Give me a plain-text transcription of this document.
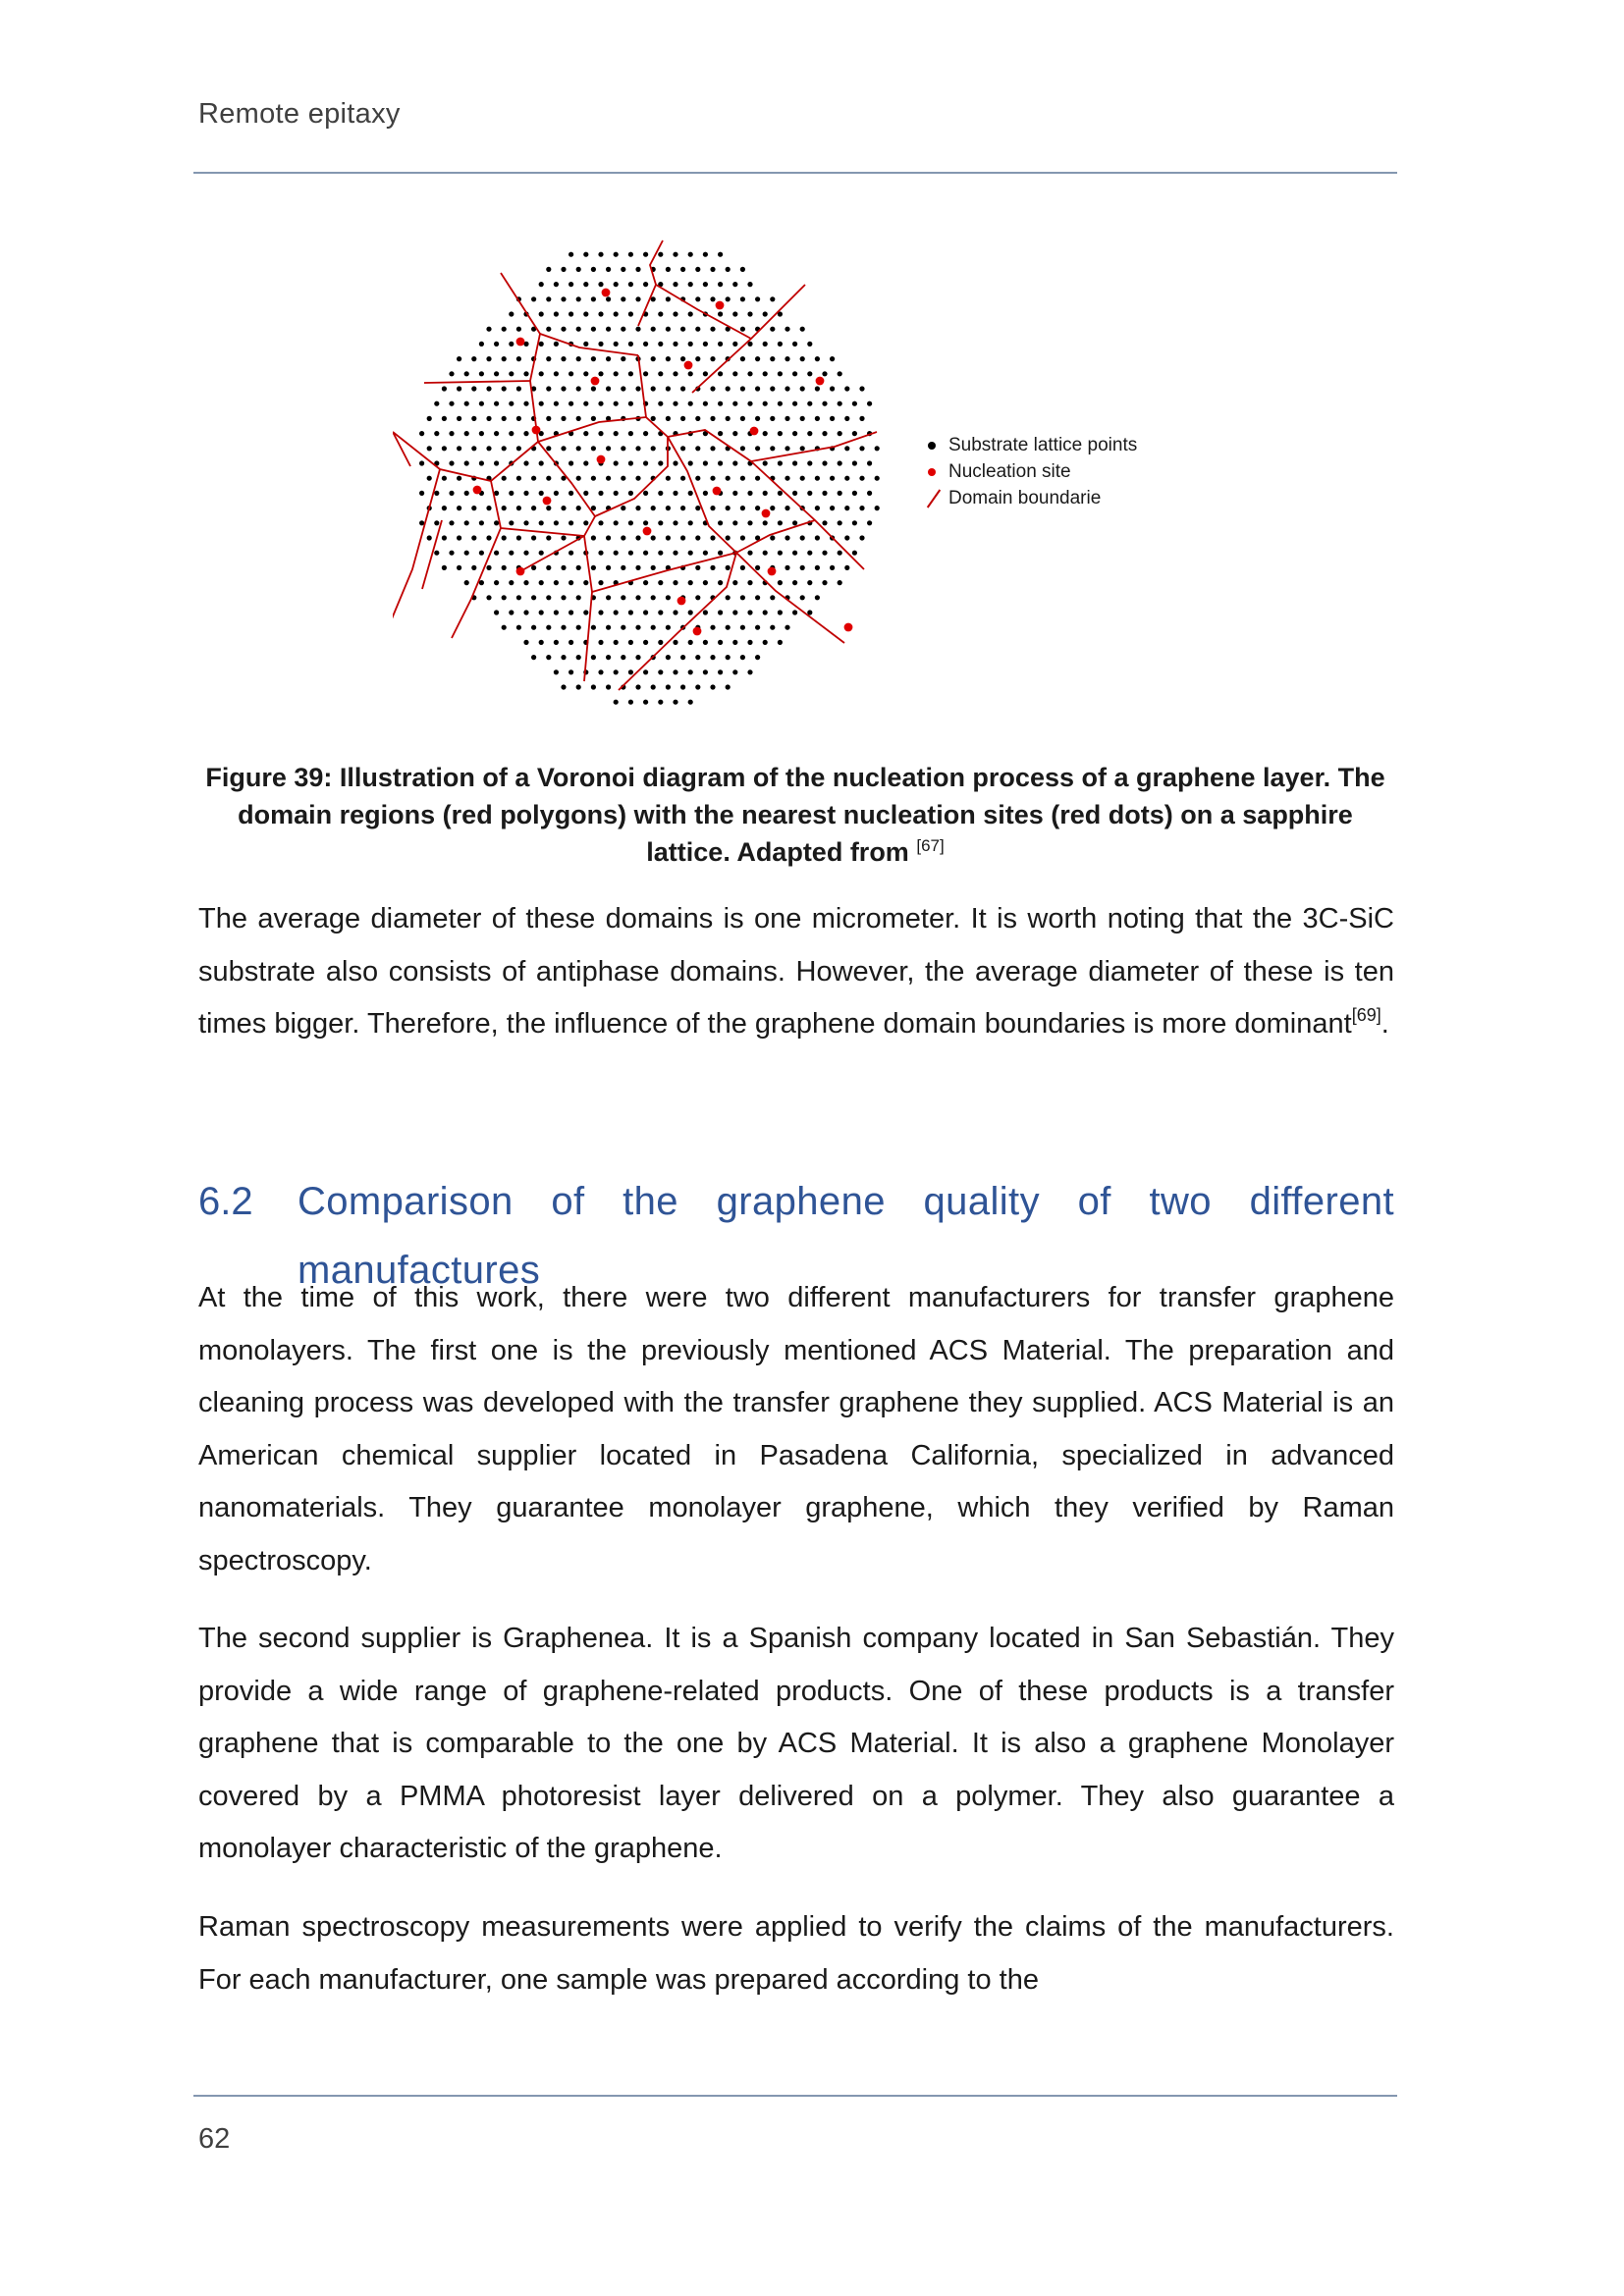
Remote epitaxy
Substrate lattice points
Nucleation site
Domain boundarie
Figure 39: Illustration of a Voronoi diagram of the nucleation process of a graphene layer. The domain regions (red polygons) with the nearest nucleation sites (red dots) on a sapphire lattice. Adapted from [67]

The average diameter of these domains is one micrometer. It is worth noting that the 3C-SiC substrate also consists of antiphase domains. However, the average diameter of these is ten times bigger. Therefore, the influence of the graphene domain boundaries is more dominant[69].

6.2 Comparison of the graphene quality of two different manufactures

At the time of this work, there were two different manufacturers for transfer graphene monolayers. The first one is the previously mentioned ACS Material. The preparation and cleaning process was developed with the transfer graphene they supplied. ACS Material is an American chemical supplier located in Pasadena California, specialized in advanced nanomaterials. They guarantee monolayer graphene, which they verified by Raman spectroscopy.

The second supplier is Graphenea. It is a Spanish company located in San Sebastián. They provide a wide range of graphene-related products. One of these products is a transfer graphene that is comparable to the one by ACS Material. It is also a graphene Monolayer covered by a PMMA photoresist layer delivered on a polymer. They also guarantee a monolayer characteristic of the graphene.

Raman spectroscopy measurements were applied to verify the claims of the manufacturers. For each manufacturer, one sample was prepared according to the

62
